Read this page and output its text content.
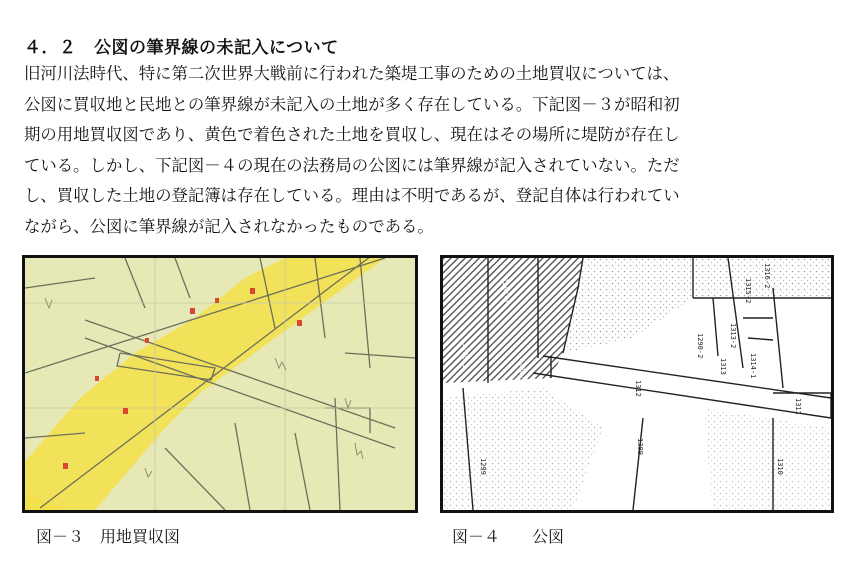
４．２　公図の筆界線の未記入について
旧河川法時代、特に第二次世界大戦前に行われた築堤工事のための土地買収については、
公図に買収地と民地との筆界線が未記入の土地が多く存在している。下記図－３が昭和初
期の用地買収図であり、黄色で着色された土地を買収し、現在はその場所に堤防が存在し
ている。しかし、下記図－４の現在の法務局の公図には筆界線が記入されていない。ただ
し、買収した土地の登記簿は存在している。理由は不明であるが、登記自体は行われてい
ながら、公図に筆界線が記入されなかったものである。
1290-2
1312
1313	1314-1
1311
1309
1310
1299
1315-2
1313-2
1290-3
1291-1
1290-1
1316-2
図－３　用地買収図	図－４　　公図
